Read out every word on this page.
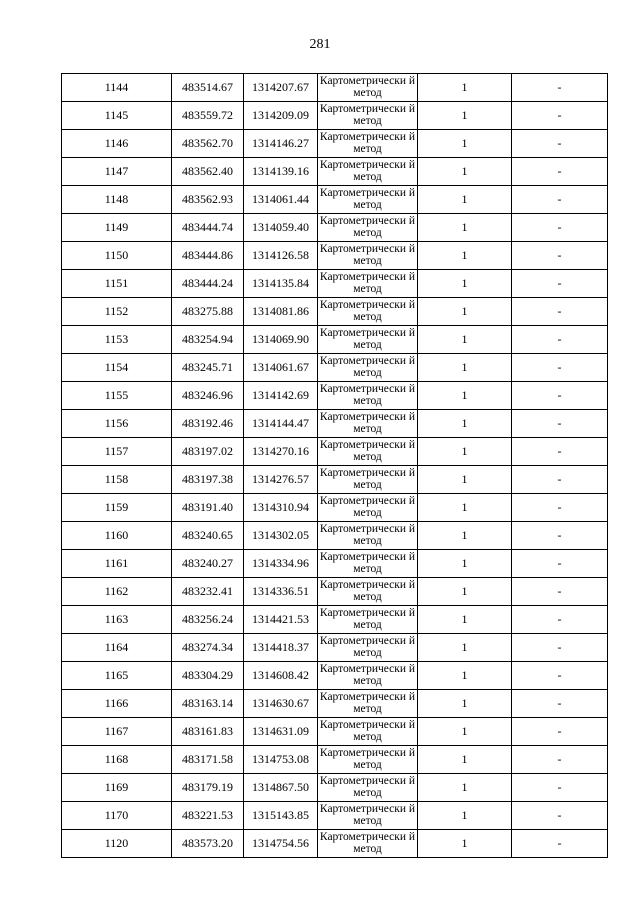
281
1144	483514.67	1314207.67	Картометрически й метод	1	-
1145	483559.72	1314209.09	Картометрически й метод	1	-
1146	483562.70	1314146.27	Картометрически й метод	1	-
1147	483562.40	1314139.16	Картометрически й метод	1	-
1148	483562.93	1314061.44	Картометрически й метод	1	-
1149	483444.74	1314059.40	Картометрически й метод	1	-
1150	483444.86	1314126.58	Картометрически й метод	1	-
1151	483444.24	1314135.84	Картометрически й метод	1	-
1152	483275.88	1314081.86	Картометрически й метод	1	-
1153	483254.94	1314069.90	Картометрически й метод	1	-
1154	483245.71	1314061.67	Картометрически й метод	1	-
1155	483246.96	1314142.69	Картометрически й метод	1	-
1156	483192.46	1314144.47	Картометрически й метод	1	-
1157	483197.02	1314270.16	Картометрически й метод	1	-
1158	483197.38	1314276.57	Картометрически й метод	1	-
1159	483191.40	1314310.94	Картометрически й метод	1	-
1160	483240.65	1314302.05	Картометрически й метод	1	-
1161	483240.27	1314334.96	Картометрически й метод	1	-
1162	483232.41	1314336.51	Картометрически й метод	1	-
1163	483256.24	1314421.53	Картометрически й метод	1	-
1164	483274.34	1314418.37	Картометрически й метод	1	-
1165	483304.29	1314608.42	Картометрически й метод	1	-
1166	483163.14	1314630.67	Картометрически й метод	1	-
1167	483161.83	1314631.09	Картометрически й метод	1	-
1168	483171.58	1314753.08	Картометрически й метод	1	-
1169	483179.19	1314867.50	Картометрически й метод	1	-
1170	483221.53	1315143.85	Картометрически й метод	1	-
1120	483573.20	1314754.56	Картометрически й метод	1	-
